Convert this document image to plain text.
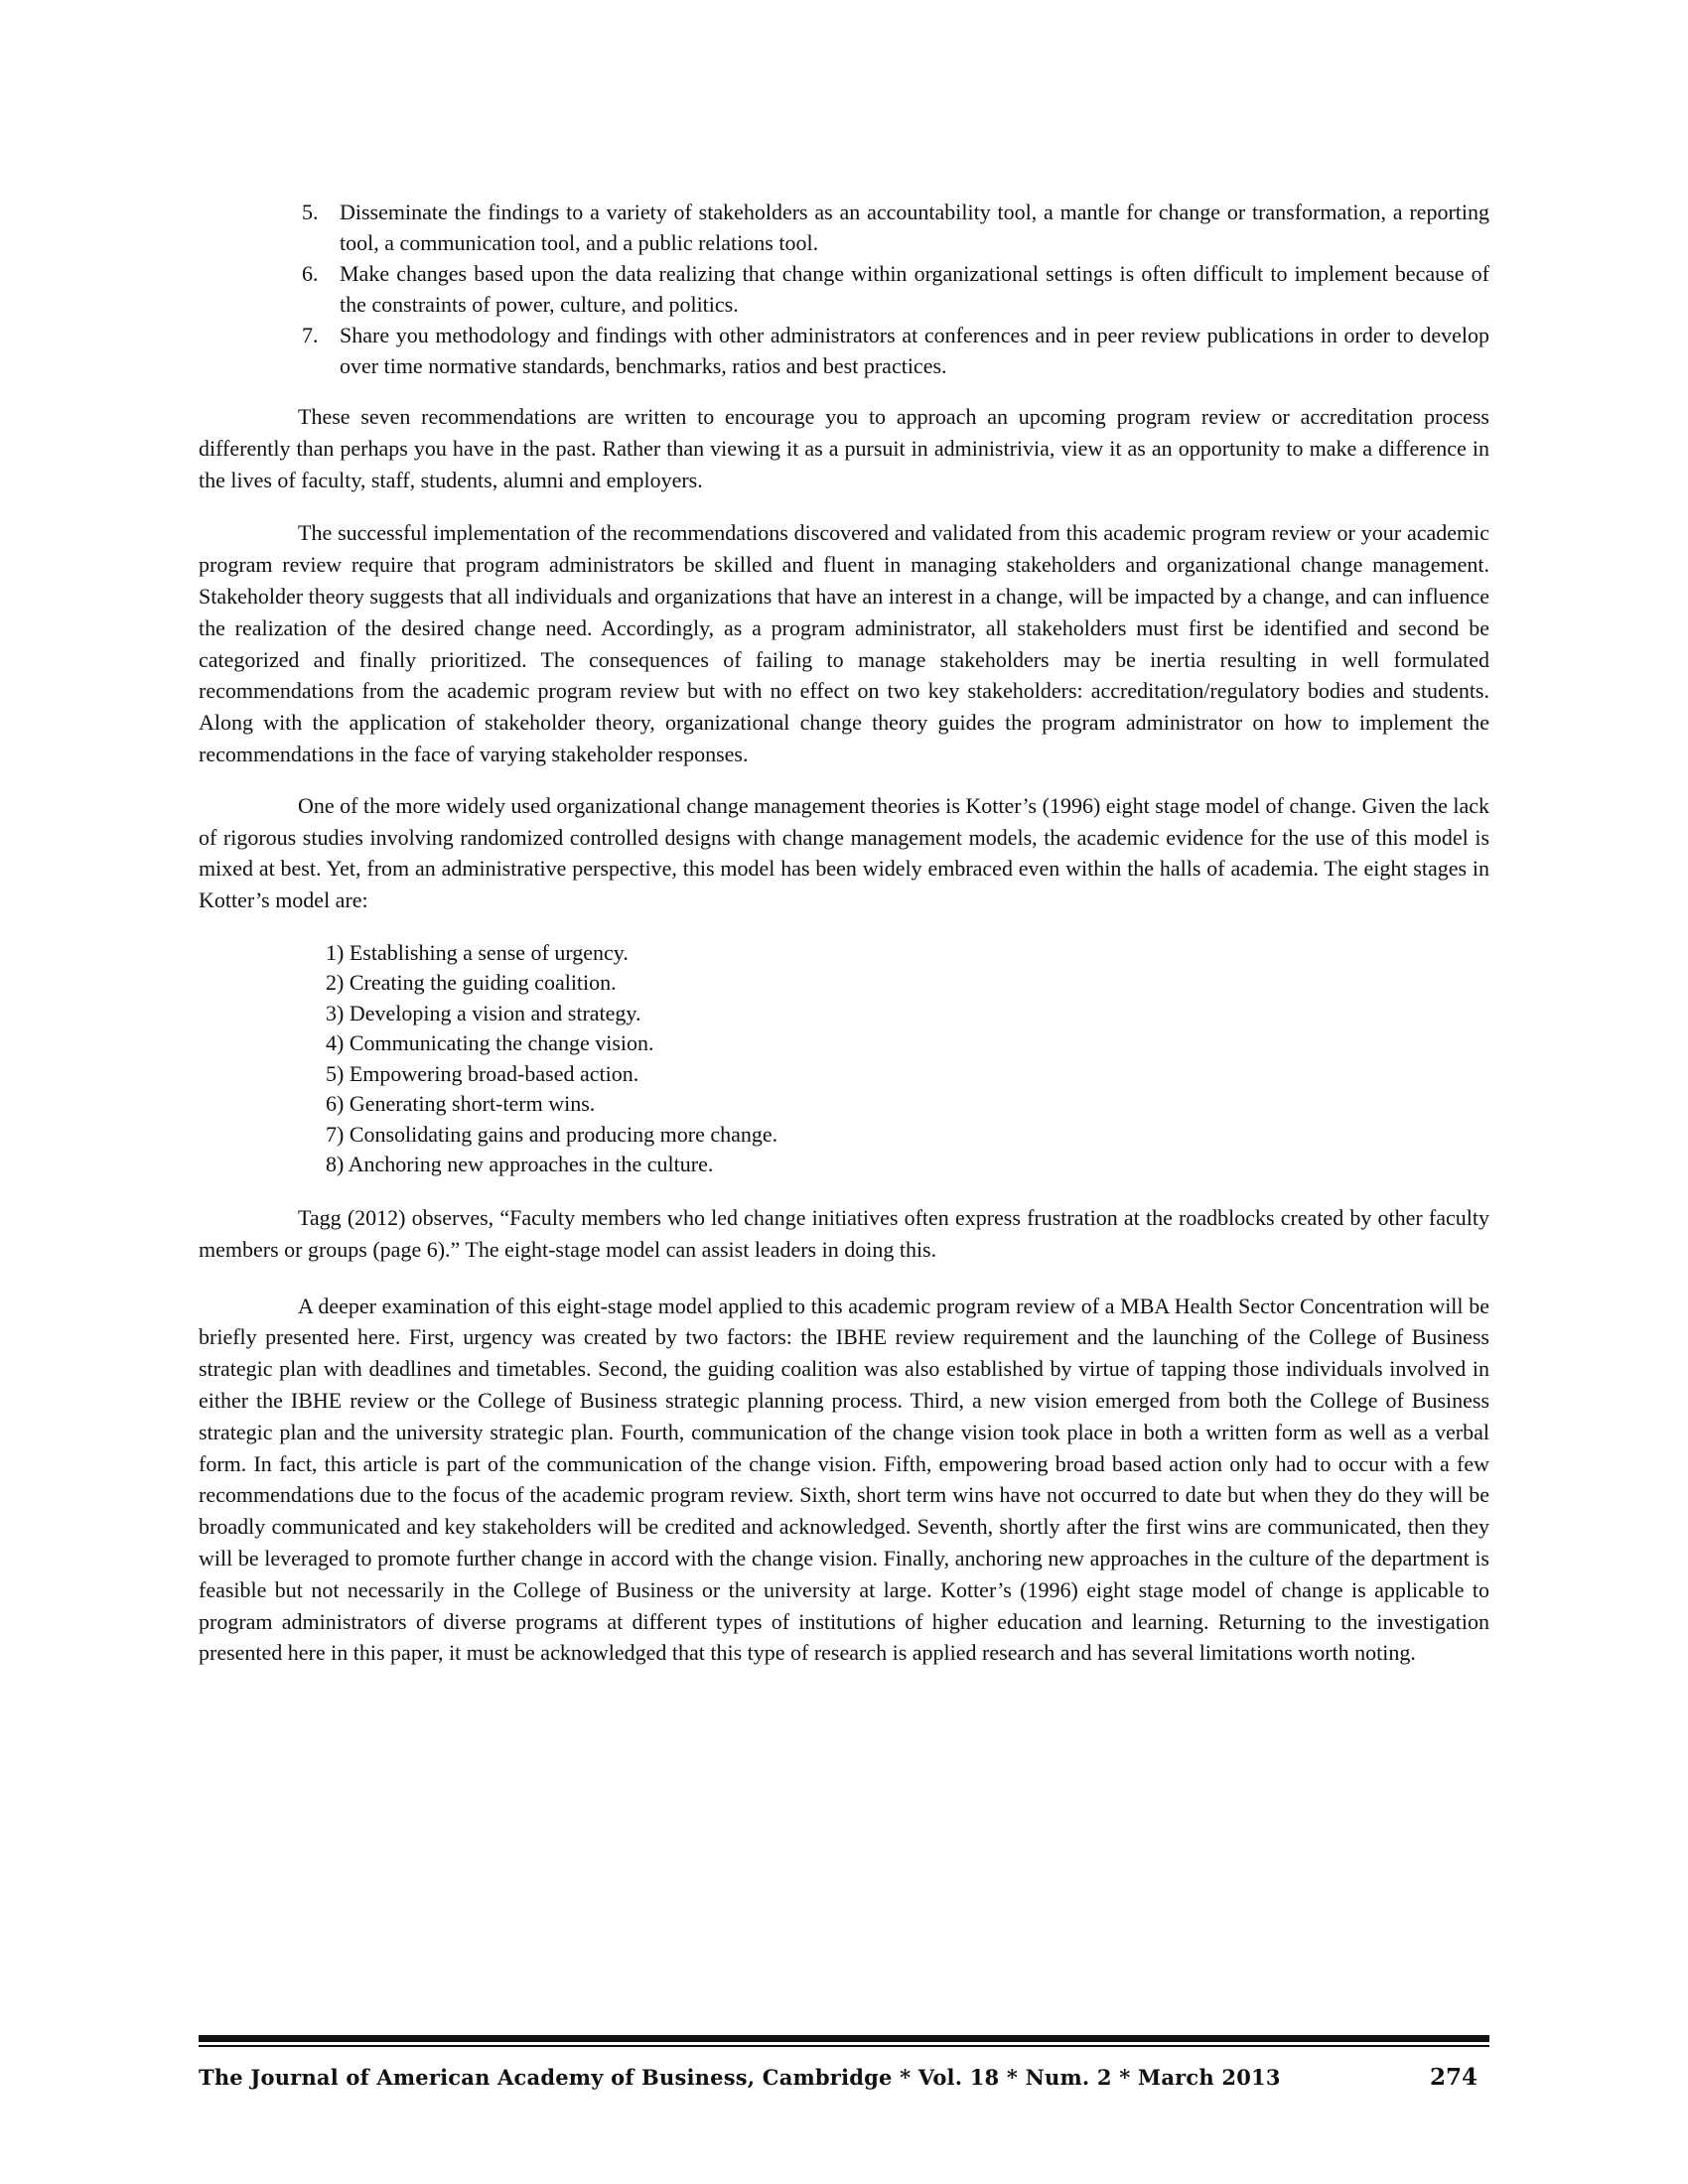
5. Disseminate the findings to a variety of stakeholders as an accountability tool, a mantle for change or transformation, a reporting tool, a communication tool, and a public relations tool.
6. Make changes based upon the data realizing that change within organizational settings is often difficult to implement because of the constraints of power, culture, and politics.
7. Share you methodology and findings with other administrators at conferences and in peer review publications in order to develop over time normative standards, benchmarks, ratios and best practices.

These seven recommendations are written to encourage you to approach an upcoming program review or accreditation process differently than perhaps you have in the past. Rather than viewing it as a pursuit in administrivia, view it as an opportunity to make a difference in the lives of faculty, staff, students, alumni and employers.

The successful implementation of the recommendations discovered and validated from this academic program review or your academic program review require that program administrators be skilled and fluent in managing stakeholders and organizational change management. Stakeholder theory suggests that all individuals and organizations that have an interest in a change, will be impacted by a change, and can influence the realization of the desired change need. Accordingly, as a program administrator, all stakeholders must first be identified and second be categorized and finally prioritized. The consequences of failing to manage stakeholders may be inertia resulting in well formulated recommendations from the academic program review but with no effect on two key stakeholders: accreditation/regulatory bodies and students. Along with the application of stakeholder theory, organizational change theory guides the program administrator on how to implement the recommendations in the face of varying stakeholder responses.

One of the more widely used organizational change management theories is Kotter’s (1996) eight stage model of change. Given the lack of rigorous studies involving randomized controlled designs with change management models, the academic evidence for the use of this model is mixed at best. Yet, from an administrative perspective, this model has been widely embraced even within the halls of academia. The eight stages in Kotter’s model are:

1) Establishing a sense of urgency.
2) Creating the guiding coalition.
3) Developing a vision and strategy.
4) Communicating the change vision.
5) Empowering broad-based action.
6) Generating short-term wins.
7) Consolidating gains and producing more change.
8) Anchoring new approaches in the culture.

Tagg (2012) observes, “Faculty members who led change initiatives often express frustration at the roadblocks created by other faculty members or groups (page 6).” The eight-stage model can assist leaders in doing this.

A deeper examination of this eight-stage model applied to this academic program review of a MBA Health Sector Concentration will be briefly presented here. First, urgency was created by two factors: the IBHE review requirement and the launching of the College of Business strategic plan with deadlines and timetables. Second, the guiding coalition was also established by virtue of tapping those individuals involved in either the IBHE review or the College of Business strategic planning process. Third, a new vision emerged from both the College of Business strategic plan and the university strategic plan. Fourth, communication of the change vision took place in both a written form as well as a verbal form. In fact, this article is part of the communication of the change vision. Fifth, empowering broad based action only had to occur with a few recommendations due to the focus of the academic program review. Sixth, short term wins have not occurred to date but when they do they will be broadly communicated and key stakeholders will be credited and acknowledged. Seventh, shortly after the first wins are communicated, then they will be leveraged to promote further change in accord with the change vision. Finally, anchoring new approaches in the culture of the department is feasible but not necessarily in the College of Business or the university at large. Kotter’s (1996) eight stage model of change is applicable to program administrators of diverse programs at different types of institutions of higher education and learning. Returning to the investigation presented here in this paper, it must be acknowledged that this type of research is applied research and has several limitations worth noting.

The Journal of American Academy of Business, Cambridge * Vol. 18 * Num. 2 * March 2013	274
